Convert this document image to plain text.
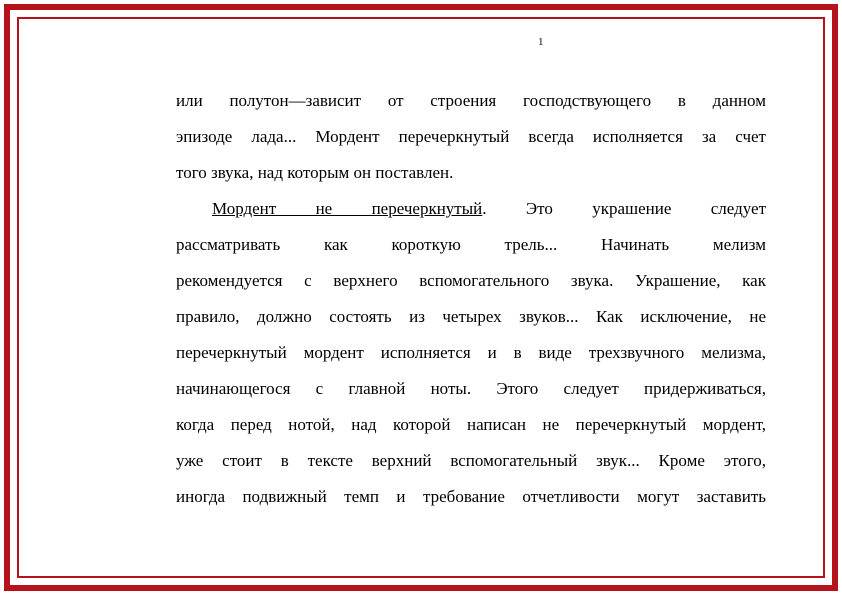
1
или полутон—зависит от строения господствующего в данном
эпизоде лада... Мордент перечеркнутый всегда исполняется за счет
того звука, над которым он поставлен.
Мордент не перечеркнутый. Это украшение следует
рассматривать как короткую трель... Начинать мелизм
рекомендуется с верхнего вспомогательного звука. Украшение, как
правило, должно состоять из четырех звуков... Как исключение, не
перечеркнутый мордент исполняется и в виде трехзвучного мелизма,
начинающегося с главной ноты. Этого следует придерживаться,
когда перед нотой, над которой написан не перечеркнутый мордент,
уже стоит в тексте верхний вспомогательный звук... Кроме этого,
иногда подвижный темп и требование отчетливости могут заставить
